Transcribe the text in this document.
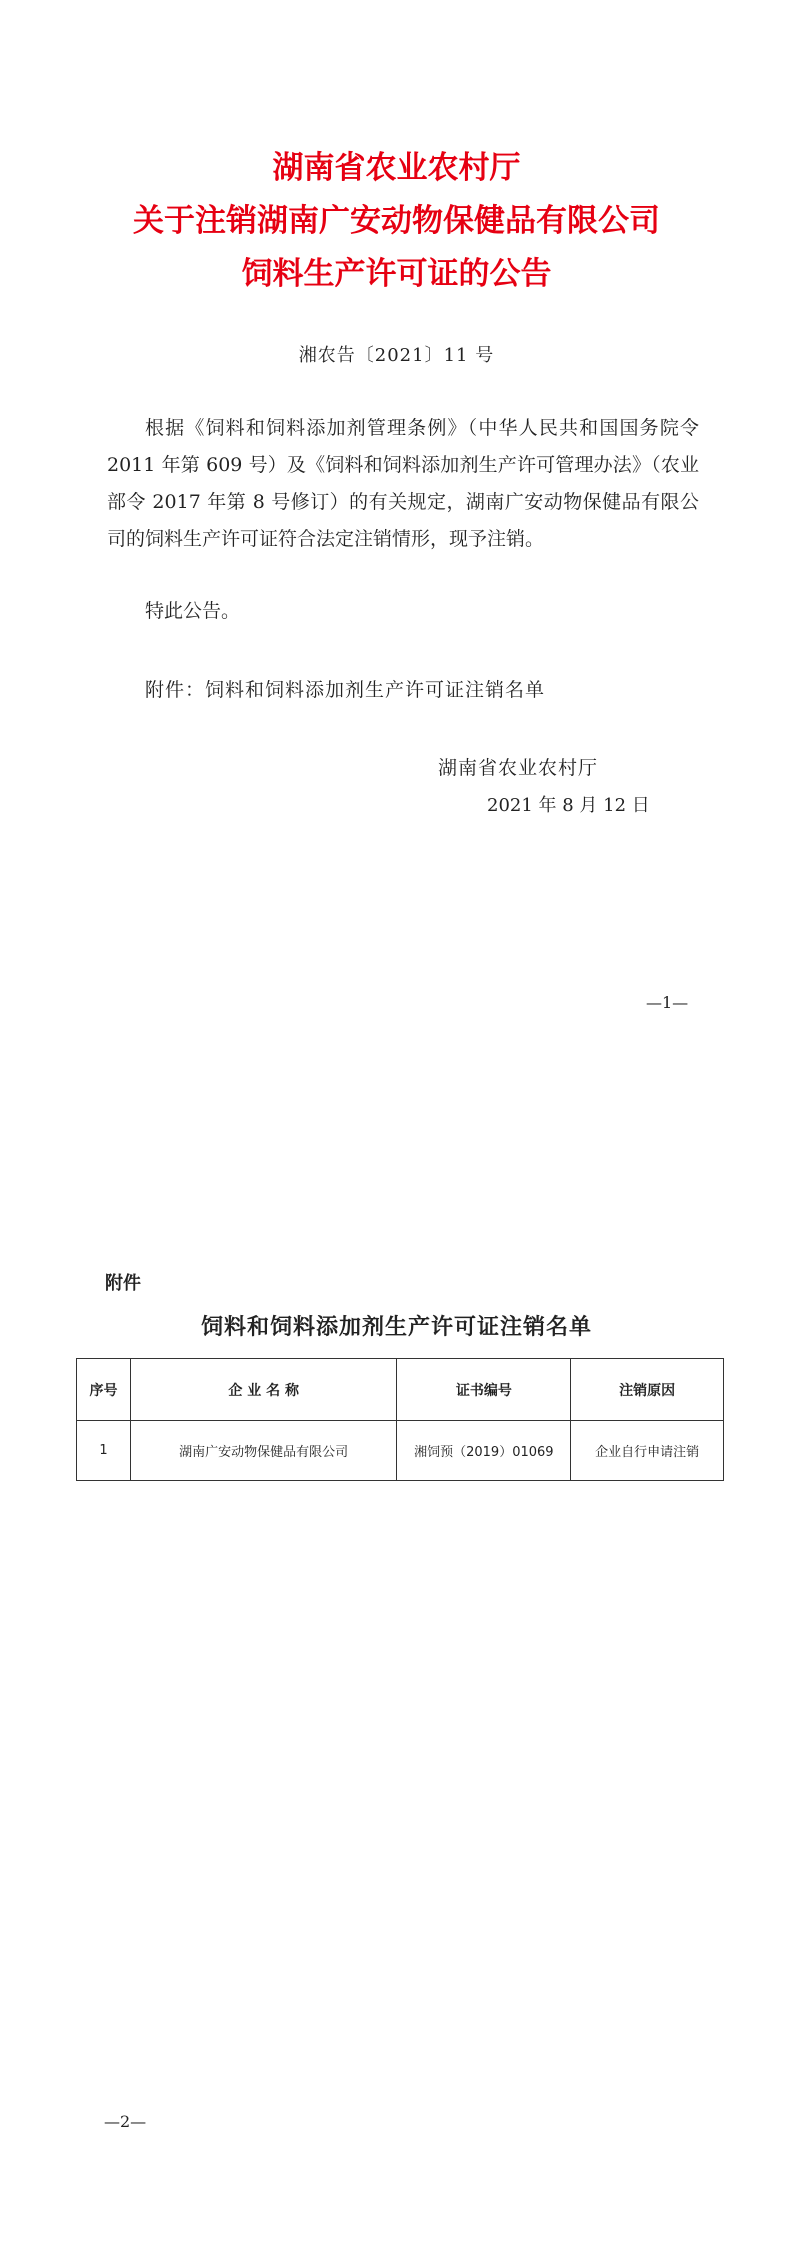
湖南省农业农村厅
关于注销湖南广安动物保健品有限公司
饲料生产许可证的公告
湘农告〔2021〕11 号

根据《饲料和饲料添加剂管理条例》（中华人民共和国国务院令 2011 年第 609 号）及《饲料和饲料添加剂生产许可管理办法》（农业部令 2017 年第 8 号修订）的有关规定，湖南广安动物保健品有限公司的饲料生产许可证符合法定注销情形，现予注销。

特此公告。

附件：饲料和饲料添加剂生产许可证注销名单
湖南省农业农村厅
2021 年 8 月 12 日
—1—
附件
饲料和饲料添加剂生产许可证注销名单
序号	企 业 名 称	证书编号	注销原因
1	湖南广安动物保健品有限公司	湘饲预（2019）01069	企业自行申请注销
—2—
